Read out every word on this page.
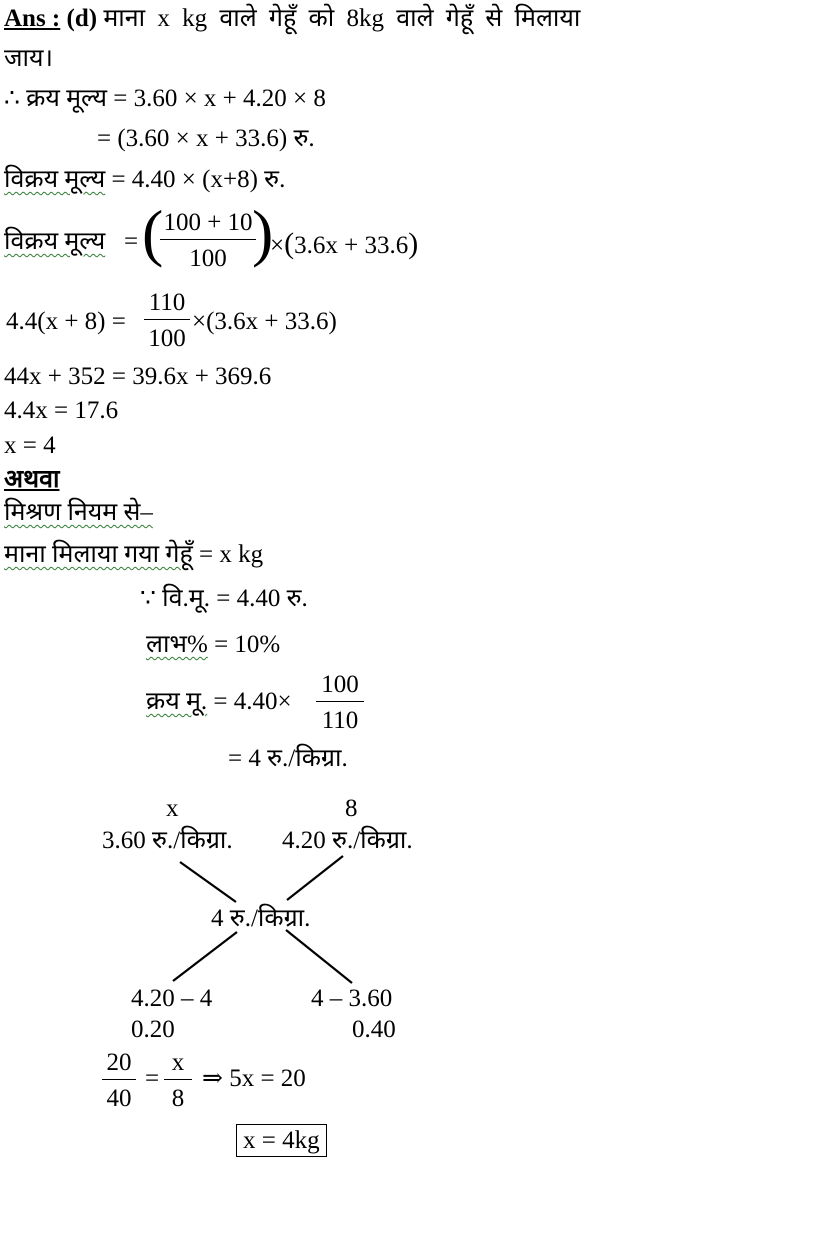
Ans : (d) माना x kg वाले गेहूँ को 8kg वाले गेहूँ से मिलाया
जाय।
∴ क्रय मूल्य = 3.60 × x + 4.20 × 8
= (3.60 × x + 33.6) रु.
विक्रय मूल्य = 4.40 × (x+8) रु.
विक्रय मूल्य = (
$\frac{100 + 10}{100}$
)
×(3.6x + 33.6)
$4.4(x + 8) = \frac{110}{100} \times(3.6x + 33.6)$
44x + 352 = 39.6x + 369.6
4.4x = 17.6
x = 4
अथवा
मिश्रण नियम से–
माना मिलाया गया गेहूँ = x kg
∵ वि.मू. = 4.40 रु.
लाभ% = 10%
क्रय मू. = $4.40\times \frac{100}{110}$
= 4 रु./किग्रा.
x	8
3.60 रु./किग्रा. 4.20 रु./किग्रा.
4 रु./किग्रा.
4.20 – 4	4 – 3.60
0.20	0.40
$\frac{20}{40} = \frac{x}{8}$ ⇒ 5x = 20
x = 4kg
